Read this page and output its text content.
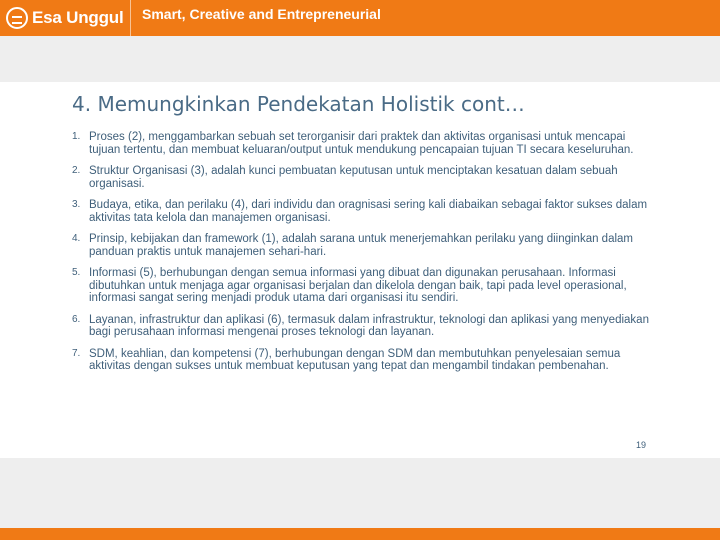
Esa Unggul Smart, Creative and Entrepreneurial
4. Memungkinkan Pendekatan Holistik cont…
1. Proses (2), menggambarkan sebuah set terorganisir dari praktek dan aktivitas organisasi untuk mencapai tujuan tertentu, dan membuat keluaran/output untuk mendukung pencapaian tujuan TI secara keseluruhan.
2. Struktur Organisasi (3), adalah kunci pembuatan keputusan untuk menciptakan kesatuan dalam sebuah organisasi.
3. Budaya, etika, dan perilaku (4), dari individu dan oragnisasi sering kali diabaikan sebagai faktor sukses dalam aktivitas tata kelola dan manajemen organisasi.
4. Prinsip, kebijakan dan framework (1), adalah sarana untuk menerjemahkan perilaku yang diinginkan dalam panduan praktis untuk manajemen sehari-hari.
5. Informasi (5), berhubungan dengan semua informasi yang dibuat dan digunakan perusahaan. Informasi dibutuhkan untuk menjaga agar organisasi berjalan dan dikelola dengan baik, tapi pada level operasional, informasi sangat sering menjadi produk utama dari organisasi itu sendiri.
6. Layanan, infrastruktur dan aplikasi (6), termasuk dalam infrastruktur, teknologi dan aplikasi yang menyediakan bagi perusahaan informasi mengenai proses teknologi dan layanan.
7. SDM, keahlian, dan kompetensi (7), berhubungan dengan SDM dan membutuhkan penyelesaian semua aktivitas dengan sukses untuk membuat keputusan yang tepat dan mengambil tindakan pembenahan.
19
